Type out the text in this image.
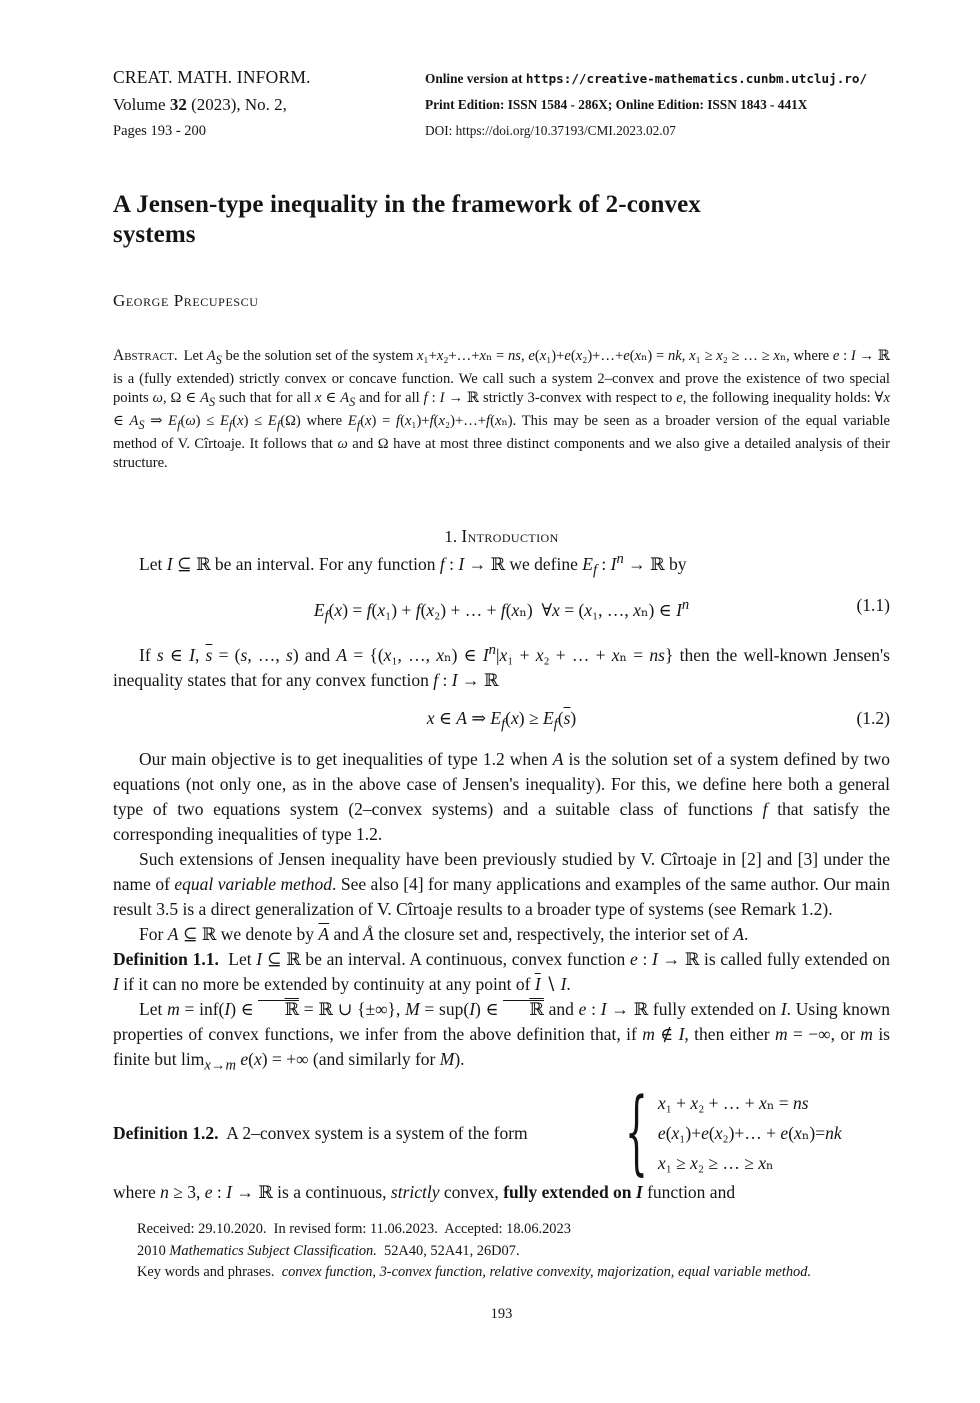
CREAT. MATH. INFORM.
Volume 32 (2023), No. 2,
Pages 193 - 200
Online version at https://creative-mathematics.cunbm.utcluj.ro/
Print Edition: ISSN 1584 - 286X; Online Edition: ISSN 1843 - 441X
DOI: https://doi.org/10.37193/CMI.2023.02.07
A Jensen-type inequality in the framework of 2-convex
systems
George Precupescu
Abstract. Let $A_S$ be the solution set of the system x₁+x₂+…+xₙ = ns, e(x₁)+e(x₂)+…+e(xₙ) = nk, x₁ ≥ x₂ ≥ … ≥ xₙ, where e : I → ℝ is a (fully extended) strictly convex or concave function. We call such a system 2–convex and prove the existence of two special points ω, Ω ∈ $A_S$ such that for all x ∈ $A_S$ and for all f : I → ℝ strictly 3-convex with respect to e, the following inequality holds: ∀x ∈ $A_S$ ⇒ $E_f(\omega) \le E_f(x) \le E_f(\Omega)$ where $E_f(x)$ = f(x₁)+f(x₂)+…+f(xₙ). This may be seen as a broader version of the equal variable method of V. Cîrtoaje. It follows that ω and Ω have at most three distinct components and we also give a detailed analysis of their structure.
1. Introduction

Let I ⊆ ℝ be an interval. For any function f : I → ℝ we define $E_f$ : $I^n$ → ℝ by

$E_f(x) = f(x_1) + f(x_2)$ + … + f(xₙ)  ∀x = (x₁, …, xₙ) ∈ $I^n$	(1.1)

If s ∈ I, $\overline{s} = (s$, …, s) and A = {(x₁, …, xₙ) ∈ $I^n|x_1 + x_2$ + … + xₙ = ns} then the well-known Jensen's inequality states that for any convex function f : I → ℝ

x ∈ A ⇒ $E_f(x) \ge E_f(\overline{s})$	(1.2)

Our main objective is to get inequalities of type 1.2 when A is the solution set of a system defined by two equations (not only one, as in the above case of Jensen's inequality). For this, we define here both a general type of two equations system (2–convex systems) and a suitable class of functions f that satisfy the corresponding inequalities of type 1.2.

Such extensions of Jensen inequality have been previously studied by V. Cîrtoaje in [2] and [3] under the name of equal variable method. See also [4] for many applications and examples of the same author. Our main result 3.5 is a direct generalization of V. Cîrtoaje results to a broader type of systems (see Remark 1.2).

For A ⊆ ℝ we denote by $\overline{A}$ and Å the closure set and, respectively, the interior set of A.

Definition 1.1. Let I ⊆ ℝ be an interval. A continuous, convex function e : I → ℝ is called fully extended on I if it can no more be extended by continuity at any point of $\overline{I}$ ∖ I.

Let m = inf(I) ∈ ℝ = ℝ ∪ {±∞}, M = sup(I) ∈ ℝ and e : I → ℝ fully extended on I. Using known properties of convex functions, we infer from the above definition that, if m ∉ I, then either m = −∞, or m is finite but $\lim_{x\to m} e(x)$ = +∞ (and similarly for M).

Definition 1.2. A 2–convex system is a system of the form	{ x₁ + x₂ + … + xₙ = ns
e(x₁)+e(x₂)+… + e(xₙ)=nk
x₁ ≥ x₂ ≥ … ≥ xₙ

where n ≥ 3, e : I → ℝ is a continuous, strictly convex, fully extended on I function and

Received: 29.10.2020.  In revised form: 11.06.2023.  Accepted: 18.06.2023
2010 Mathematics Subject Classification.  52A40, 52A41, 26D07.
Key words and phrases.  convex function, 3-convex function, relative convexity, majorization, equal variable method.
193
